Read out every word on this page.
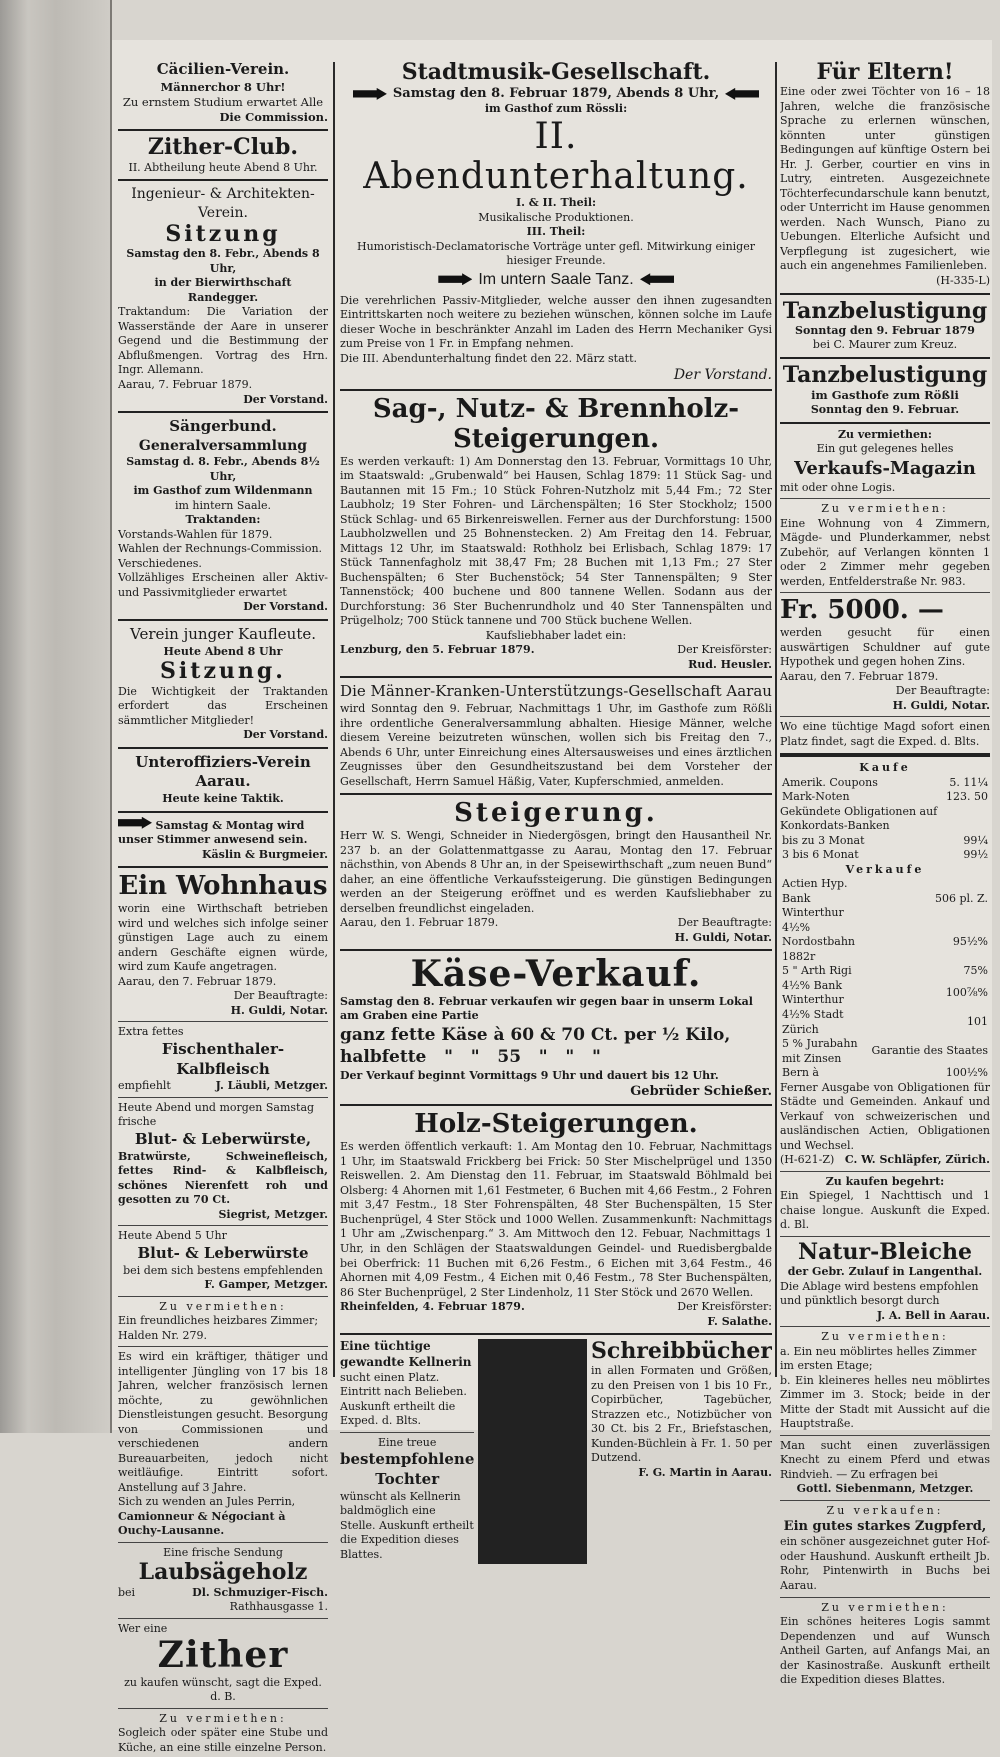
Cäcilien-Verein.
Männerchor 8 Uhr!
Zu ernstem Studium erwartet Alle
Die Commission.
Zither-Club.
II. Abtheilung heute Abend 8 Uhr.
Ingenieur- & Architekten-Verein.
Sitzung
Samstag den 8. Febr., Abends 8 Uhr,
in der Bierwirthschaft Randegger.
Traktandum: Die Variation der Wasserstände der Aare in unserer Gegend und die Bestimmung der Abflußmengen. Vortrag des Hrn. Ingr. Allemann.
Aarau, 7. Februar 1879.
Der Vorstand.
Sängerbund.
Generalversammlung
Samstag d. 8. Febr., Abends 8½ Uhr,
im Gasthof zum Wildenmann
im hintern Saale.
Traktanden:
Vorstands-Wahlen für 1879.
Wahlen der Rechnungs-Commission.
Verschiedenes.
Vollzähliges Erscheinen aller Aktiv- und Passivmitglieder erwartet
Der Vorstand.
Verein junger Kaufleute.
Heute Abend 8 Uhr
Sitzung.
Die Wichtigkeit der Traktanden erfordert das Erscheinen sämmtlicher Mitglieder!
Der Vorstand.
Unteroffiziers-Verein Aarau.
Heute keine Taktik.
Samstag & Montag wird unser Stimmer anwesend sein.
Käslin & Burgmeier.
Ein Wohnhaus
worin eine Wirthschaft betrieben wird und welches sich infolge seiner günstigen Lage auch zu einem andern Geschäfte eignen würde, wird zum Kaufe angetragen.
Aarau, den 7. Februar 1879.
Der Beauftragte:
H. Guldi, Notar.
Extra fettes
Fischenthaler-Kalbfleisch
empfiehlt	J. Läubli, Metzger.
Heute Abend und morgen Samstag frische
Blut- & Leberwürste,
Bratwürste, Schweinefleisch, fettes Rind- & Kalbfleisch, schönes Nierenfett roh und gesotten zu 70 Ct.
Siegrist, Metzger.
Heute Abend 5 Uhr
Blut- & Leberwürste
bei dem sich bestens empfehlenden
F. Gamper, Metzger.
Zu vermiethen:
Ein freundliches heizbares Zimmer; Halden Nr. 279.
Es wird ein kräftiger, thätiger und intelligenter Jüngling von 17 bis 18 Jahren, welcher französisch lernen möchte, zu gewöhnlichen Dienstleistungen gesucht. Besorgung von Commissionen und verschiedenen andern Bureauarbeiten, jedoch nicht weitläufige. Eintritt sofort. Anstellung auf 3 Jahre.
Sich zu wenden an Jules Perrin,
Camionneur & Négociant à Ouchy-Lausanne.
Eine frische Sendung
Laubsägeholz
bei	Dl. Schmuziger-Fisch.
Rathhausgasse 1.
Wer eine
Zither
zu kaufen wünscht, sagt die Exped. d. B.
Zu vermiethen:
Sogleich oder später eine Stube und Küche, an eine stille einzelne Person.
Stadtmusik-Gesellschaft.
Samstag den 8. Februar 1879, Abends 8 Uhr,
im Gasthof zum Rössli:
II. Abendunterhaltung.
I. & II. Theil:
Musikalische Produktionen.
III. Theil:
Humoristisch-Declamatorische Vorträge unter gefl. Mitwirkung einiger hiesiger Freunde.
Im untern Saale Tanz.
Die verehrlichen Passiv-Mitglieder, welche ausser den ihnen zugesandten Eintrittskarten noch weitere zu beziehen wünschen, können solche im Laufe dieser Woche in beschränkter Anzahl im Laden des Herrn Mechaniker Gysi zum Preise von 1 Fr. in Empfang nehmen.
Die III. Abendunterhaltung findet den 22. März statt.
Der Vorstand.
Sag-, Nutz- & Brennholz-Steigerungen.
Es werden verkauft: 1) Am Donnerstag den 13. Februar, Vormittags 10 Uhr, im Staatswald: „Grubenwald“ bei Hausen, Schlag 1879: 11 Stück Sag- und Bautannen mit 15 Fm.; 10 Stück Fohren-Nutzholz mit 5,44 Fm.; 72 Ster Laubholz; 19 Ster Fohren- und Lärchenspälten; 16 Ster Stockholz; 1500 Stück Schlag- und 65 Birkenreiswellen. Ferner aus der Durchforstung: 1500 Laubholzwellen und 25 Bohnenstecken. 2) Am Freitag den 14. Februar, Mittags 12 Uhr, im Staatswald: Rothholz bei Erlisbach, Schlag 1879: 17 Stück Tannenfagholz mit 38,47 Fm; 28 Buchen mit 1,13 Fm.; 27 Ster Buchenspälten; 6 Ster Buchenstöck; 54 Ster Tannenspälten; 9 Ster Tannenstöck; 400 buchene und 800 tannene Wellen. Sodann aus der Durchforstung: 36 Ster Buchenrundholz und 40 Ster Tannenspälten und Prügelholz; 700 Stück tannene und 700 Stück buchene Wellen.
Kaufsliebhaber ladet ein:
Lenzburg, den 5. Februar 1879.	Der Kreisförster:
Rud. Heusler.
Die Männer-Kranken-Unterstützungs-Gesellschaft Aarau
wird Sonntag den 9. Februar, Nachmittags 1 Uhr, im Gasthofe zum Rößli ihre ordentliche Generalversammlung abhalten. Hiesige Männer, welche diesem Vereine beizutreten wünschen, wollen sich bis Freitag den 7., Abends 6 Uhr, unter Einreichung eines Altersausweises und eines ärztlichen Zeugnisses über den Gesundheitszustand bei dem Vorsteher der Gesellschaft, Herrn Samuel Häßig, Vater, Kupferschmied, anmelden.
Steigerung.
Herr W. S. Wengi, Schneider in Niedergösgen, bringt den Hausantheil Nr. 237 b. an der Golattenmattgasse zu Aarau, Montag den 17. Februar nächsthin, von Abends 8 Uhr an, in der Speisewirthschaft „zum neuen Bund“ daher, an eine öffentliche Verkaufssteigerung. Die günstigen Bedingungen werden an der Steigerung eröffnet und es werden Kaufsliebhaber zu derselben freundlichst eingeladen.
Aarau, den 1. Februar 1879.	Der Beauftragte:
H. Guldi, Notar.
Käse-Verkauf.
Samstag den 8. Februar verkaufen wir gegen baar in unserm Lokal am Graben eine Partie
ganz fette Käse à 60 & 70 Ct. per ½ Kilo,
halbfette   "   "   55   "   "   "
Der Verkauf beginnt Vormittags 9 Uhr und dauert bis 12 Uhr.
Gebrüder Schießer.
Holz-Steigerungen.
Es werden öffentlich verkauft: 1. Am Montag den 10. Februar, Nachmittags 1 Uhr, im Staatswald Frickberg bei Frick: 50 Ster Mischelprügel und 1350 Reiswellen. 2. Am Dienstag den 11. Februar, im Staatswald Böhlmald bei Olsberg: 4 Ahornen mit 1,61 Festmeter, 6 Buchen mit 4,66 Festm., 2 Fohren mit 3,47 Festm., 18 Ster Fohrenspälten, 48 Ster Buchenspälten, 15 Ster Buchenprügel, 4 Ster Stöck und 1000 Wellen. Zusammenkunft: Nachmittags 1 Uhr am „Zwischenparg.“ 3. Am Mittwoch den 12. Febuar, Nachmittags 1 Uhr, in den Schlägen der Staatswaldungen Geindel- und Ruedisbergbalde bei Oberfrick: 11 Buchen mit 6,26 Festm., 6 Eichen mit 3,64 Festm., 46 Ahornen mit 4,09 Festm., 4 Eichen mit 0,46 Festm., 78 Ster Buchenspälten, 86 Ster Buchenprügel, 2 Ster Lindenholz, 11 Ster Stöck und 2670 Wellen.
Rheinfelden, 4. Februar 1879.	Der Kreisförster:
F. Salathe.
Eine tüchtige gewandte Kellnerin
sucht einen Platz. Eintritt nach Belieben. Auskunft ertheilt die Exped. d. Blts.
Eine treue
bestempfohlene Tochter
wünscht als Kellnerin baldmöglich eine Stelle. Auskunft ertheilt die Expedition dieses Blattes.
Schreibbücher
in allen Formaten und Größen, zu den Preisen von 1 bis 10 Fr., Copirbücher, Tagebücher, Strazzen etc., Notizbücher von 30 Ct. bis 2 Fr., Briefstaschen, Kunden-Büchlein à Fr. 1. 50 per Dutzend.
F. G. Martin in Aarau.
Für Eltern!
Eine oder zwei Töchter von 16 – 18 Jahren, welche die französische Sprache zu erlernen wünschen, könnten unter günstigen Bedingungen auf künftige Ostern bei Hr. J. Gerber, courtier en vins in Lutry, eintreten. Ausgezeichnete Töchterfecundarschule kann benutzt, oder Unterricht im Hause genommen werden. Nach Wunsch, Piano zu Uebungen. Elterliche Aufsicht und Verpflegung ist zugesichert, wie auch ein angenehmes Familienleben.
(H-335-L)
Tanzbelustigung
Sonntag den 9. Februar 1879
bei C. Maurer zum Kreuz.
Tanzbelustigung
im Gasthofe zum Rößli
Sonntag den 9. Februar.
Zu vermiethen:
Ein gut gelegenes helles
Verkaufs-Magazin
mit oder ohne Logis.
Zu vermiethen:
Eine Wohnung von 4 Zimmern, Mägde- und Plunderkammer, nebst Zubehör, auf Verlangen könnten 1 oder 2 Zimmer mehr gegeben werden, Entfelderstraße Nr. 983.
Fr. 5000. —
werden gesucht für einen auswärtigen Schuldner auf gute Hypothek und gegen hohen Zins.
Aarau, den 7. Februar 1879.
Der Beauftragte:
H. Guldi, Notar.
Wo eine tüchtige Magd sofort einen Platz findet, sagt die Exped. d. Blts.
Kaufe
Amerik. Coupons	5. 11¼
Mark-Noten	123. 50
Gekündete Obligationen auf Konkordats-Banken
bis zu 3 Monat	99¼
3 bis 6 Monat	99½
Verkaufe
Actien Hyp. Bank Winterthur	506 pl. Z.
4½% Nordostbahn 1882r	95½%
5 " Arth Rigi	75%
4½% Bank Winterthur	100⅞%
4½% Stadt Zürich	101
5 % Jurabahn mit Zinsen	Garantie des Staates
Bern à	100½%
Ferner Ausgabe von Obligationen für Städte und Gemeinden. Ankauf und Verkauf von schweizerischen und ausländischen Actien, Obligationen und Wechsel.
(H-621-Z) C. W. Schläpfer, Zürich.
Zu kaufen begehrt:
Ein Spiegel, 1 Nachttisch und 1 chaise longue. Auskunft die Exped. d. Bl.
Natur-Bleiche
der Gebr. Zulauf in Langenthal.
Die Ablage wird bestens empfohlen und pünktlich besorgt durch
J. A. Bell in Aarau.
Zu vermiethen:
a. Ein neu möblirtes helles Zimmer im ersten Etage;
b. Ein kleineres helles neu möblirtes Zimmer im 3. Stock; beide in der Mitte der Stadt mit Aussicht auf die Hauptstraße.
Man sucht einen zuverlässigen Knecht zu einem Pferd und etwas Rindvieh. — Zu erfragen bei
Gottl. Siebenmann, Metzger.
Zu verkaufen:
Ein gutes starkes Zugpferd,
ein schöner ausgezeichnet guter Hof- oder Haushund. Auskunft ertheilt Jb. Rohr, Pintenwirth in Buchs bei Aarau.
Zu vermiethen:
Ein schönes heiteres Logis sammt Dependenzen und auf Wunsch Antheil Garten, auf Anfangs Mai, an der Kasinostraße. Auskunft ertheilt die Expedition dieses Blattes.
